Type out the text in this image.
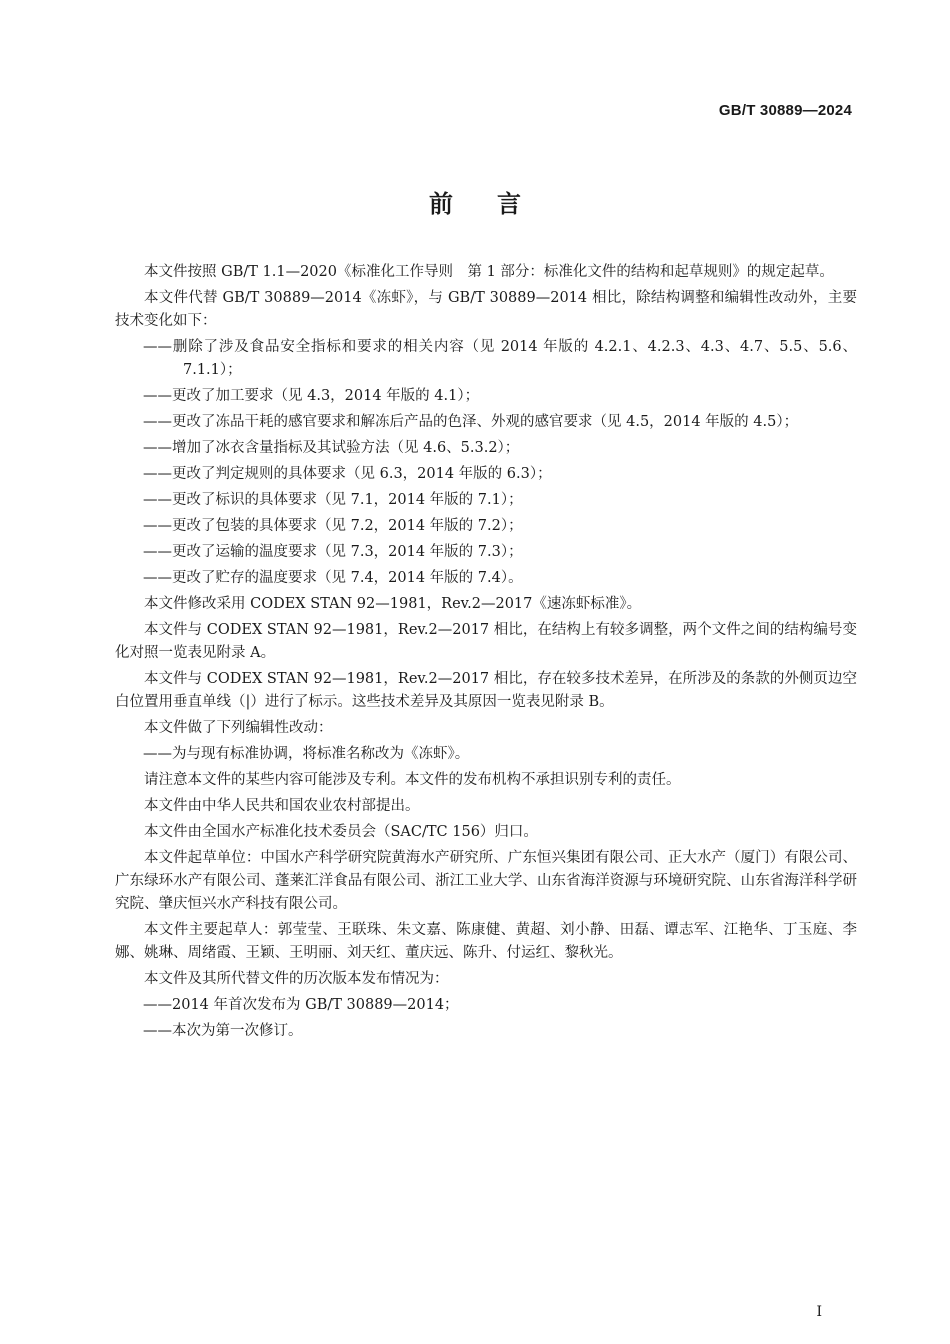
GB/T 30889—2024
前言

本文件按照 GB/T 1.1—2020《标准化工作导则　第 1 部分：标准化文件的结构和起草规则》的规定起草。

本文件代替 GB/T 30889—2014《冻虾》，与 GB/T 30889—2014 相比，除结构调整和编辑性改动外，主要技术变化如下：

——删除了涉及食品安全指标和要求的相关内容（见 2014 年版的 4.2.1、4.2.3、4.3、4.7、5.5、5.6、7.1.1）；

——更改了加工要求（见 4.3，2014 年版的 4.1）；

——更改了冻品干耗的感官要求和解冻后产品的色泽、外观的感官要求（见 4.5，2014 年版的 4.5）；

——增加了冰衣含量指标及其试验方法（见 4.6、5.3.2）；

——更改了判定规则的具体要求（见 6.3，2014 年版的 6.3）；

——更改了标识的具体要求（见 7.1，2014 年版的 7.1）；

——更改了包装的具体要求（见 7.2，2014 年版的 7.2）；

——更改了运输的温度要求（见 7.3，2014 年版的 7.3）；

——更改了贮存的温度要求（见 7.4，2014 年版的 7.4）。

本文件修改采用 CODEX STAN 92—1981，Rev.2—2017《速冻虾标准》。

本文件与 CODEX STAN 92—1981，Rev.2—2017 相比，在结构上有较多调整，两个文件之间的结构编号变化对照一览表见附录 A。

本文件与 CODEX STAN 92—1981，Rev.2—2017 相比，存在较多技术差异，在所涉及的条款的外侧页边空白位置用垂直单线（|）进行了标示。这些技术差异及其原因一览表见附录 B。

本文件做了下列编辑性改动：

——为与现有标准协调，将标准名称改为《冻虾》。

请注意本文件的某些内容可能涉及专利。本文件的发布机构不承担识别专利的责任。

本文件由中华人民共和国农业农村部提出。

本文件由全国水产标准化技术委员会（SAC/TC 156）归口。

本文件起草单位：中国水产科学研究院黄海水产研究所、广东恒兴集团有限公司、正大水产（厦门）有限公司、广东绿环水产有限公司、蓬莱汇洋食品有限公司、浙江工业大学、山东省海洋资源与环境研究院、山东省海洋科学研究院、肇庆恒兴水产科技有限公司。

本文件主要起草人：郭莹莹、王联珠、朱文嘉、陈康健、黄超、刘小静、田磊、谭志军、江艳华、丁玉庭、李娜、姚琳、周绪霞、王颖、王明丽、刘天红、董庆远、陈升、付运红、黎秋光。

本文件及其所代替文件的历次版本发布情况为：

——2014 年首次发布为 GB/T 30889—2014；

——本次为第一次修订。

I
